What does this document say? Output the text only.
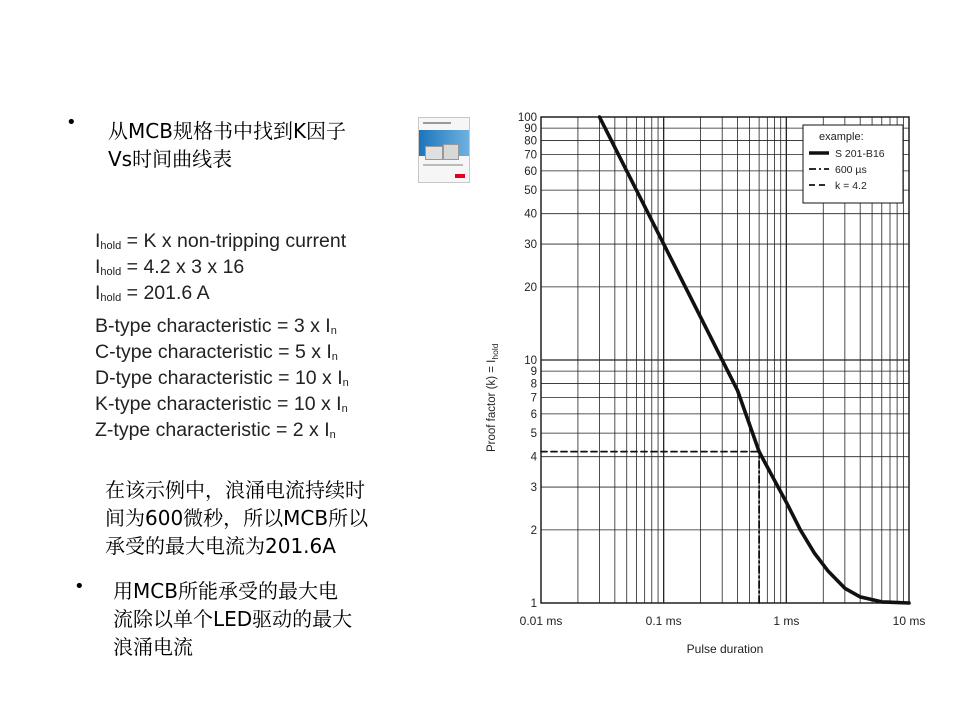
• 从MCB规格书中找到K因子
Vs时间曲线表
$I_{hold} = K$ x non-tripping current
$I_{hold} = 4.2$ x 3 x 16
$I_{hold} = 201.6$ A
B-type characteristic = 3 x $I_n$
C-type characteristic = 5 x $I_n$
D-type characteristic = 10 x $I_n$
K-type characteristic = 10 x $I_n$
Z-type characteristic = 2 x $I_n$
在该示例中，浪涌电流持续时
间为600微秒，所以MCB所以
承受的最大电流为201.6A
• 用MCB所能承受的最大电
流除以单个LED驱动的最大
浪涌电流
1
2
3
4
5
6
7
8
9
10
20
30
40
50
60
70
80
90
100
0.01 ms	0.1 ms	1 ms	10 ms
Pulse duration
Proof factor $(k) = I_{hold}$
example:
S 201-B16
600 µs
k = 4.2
